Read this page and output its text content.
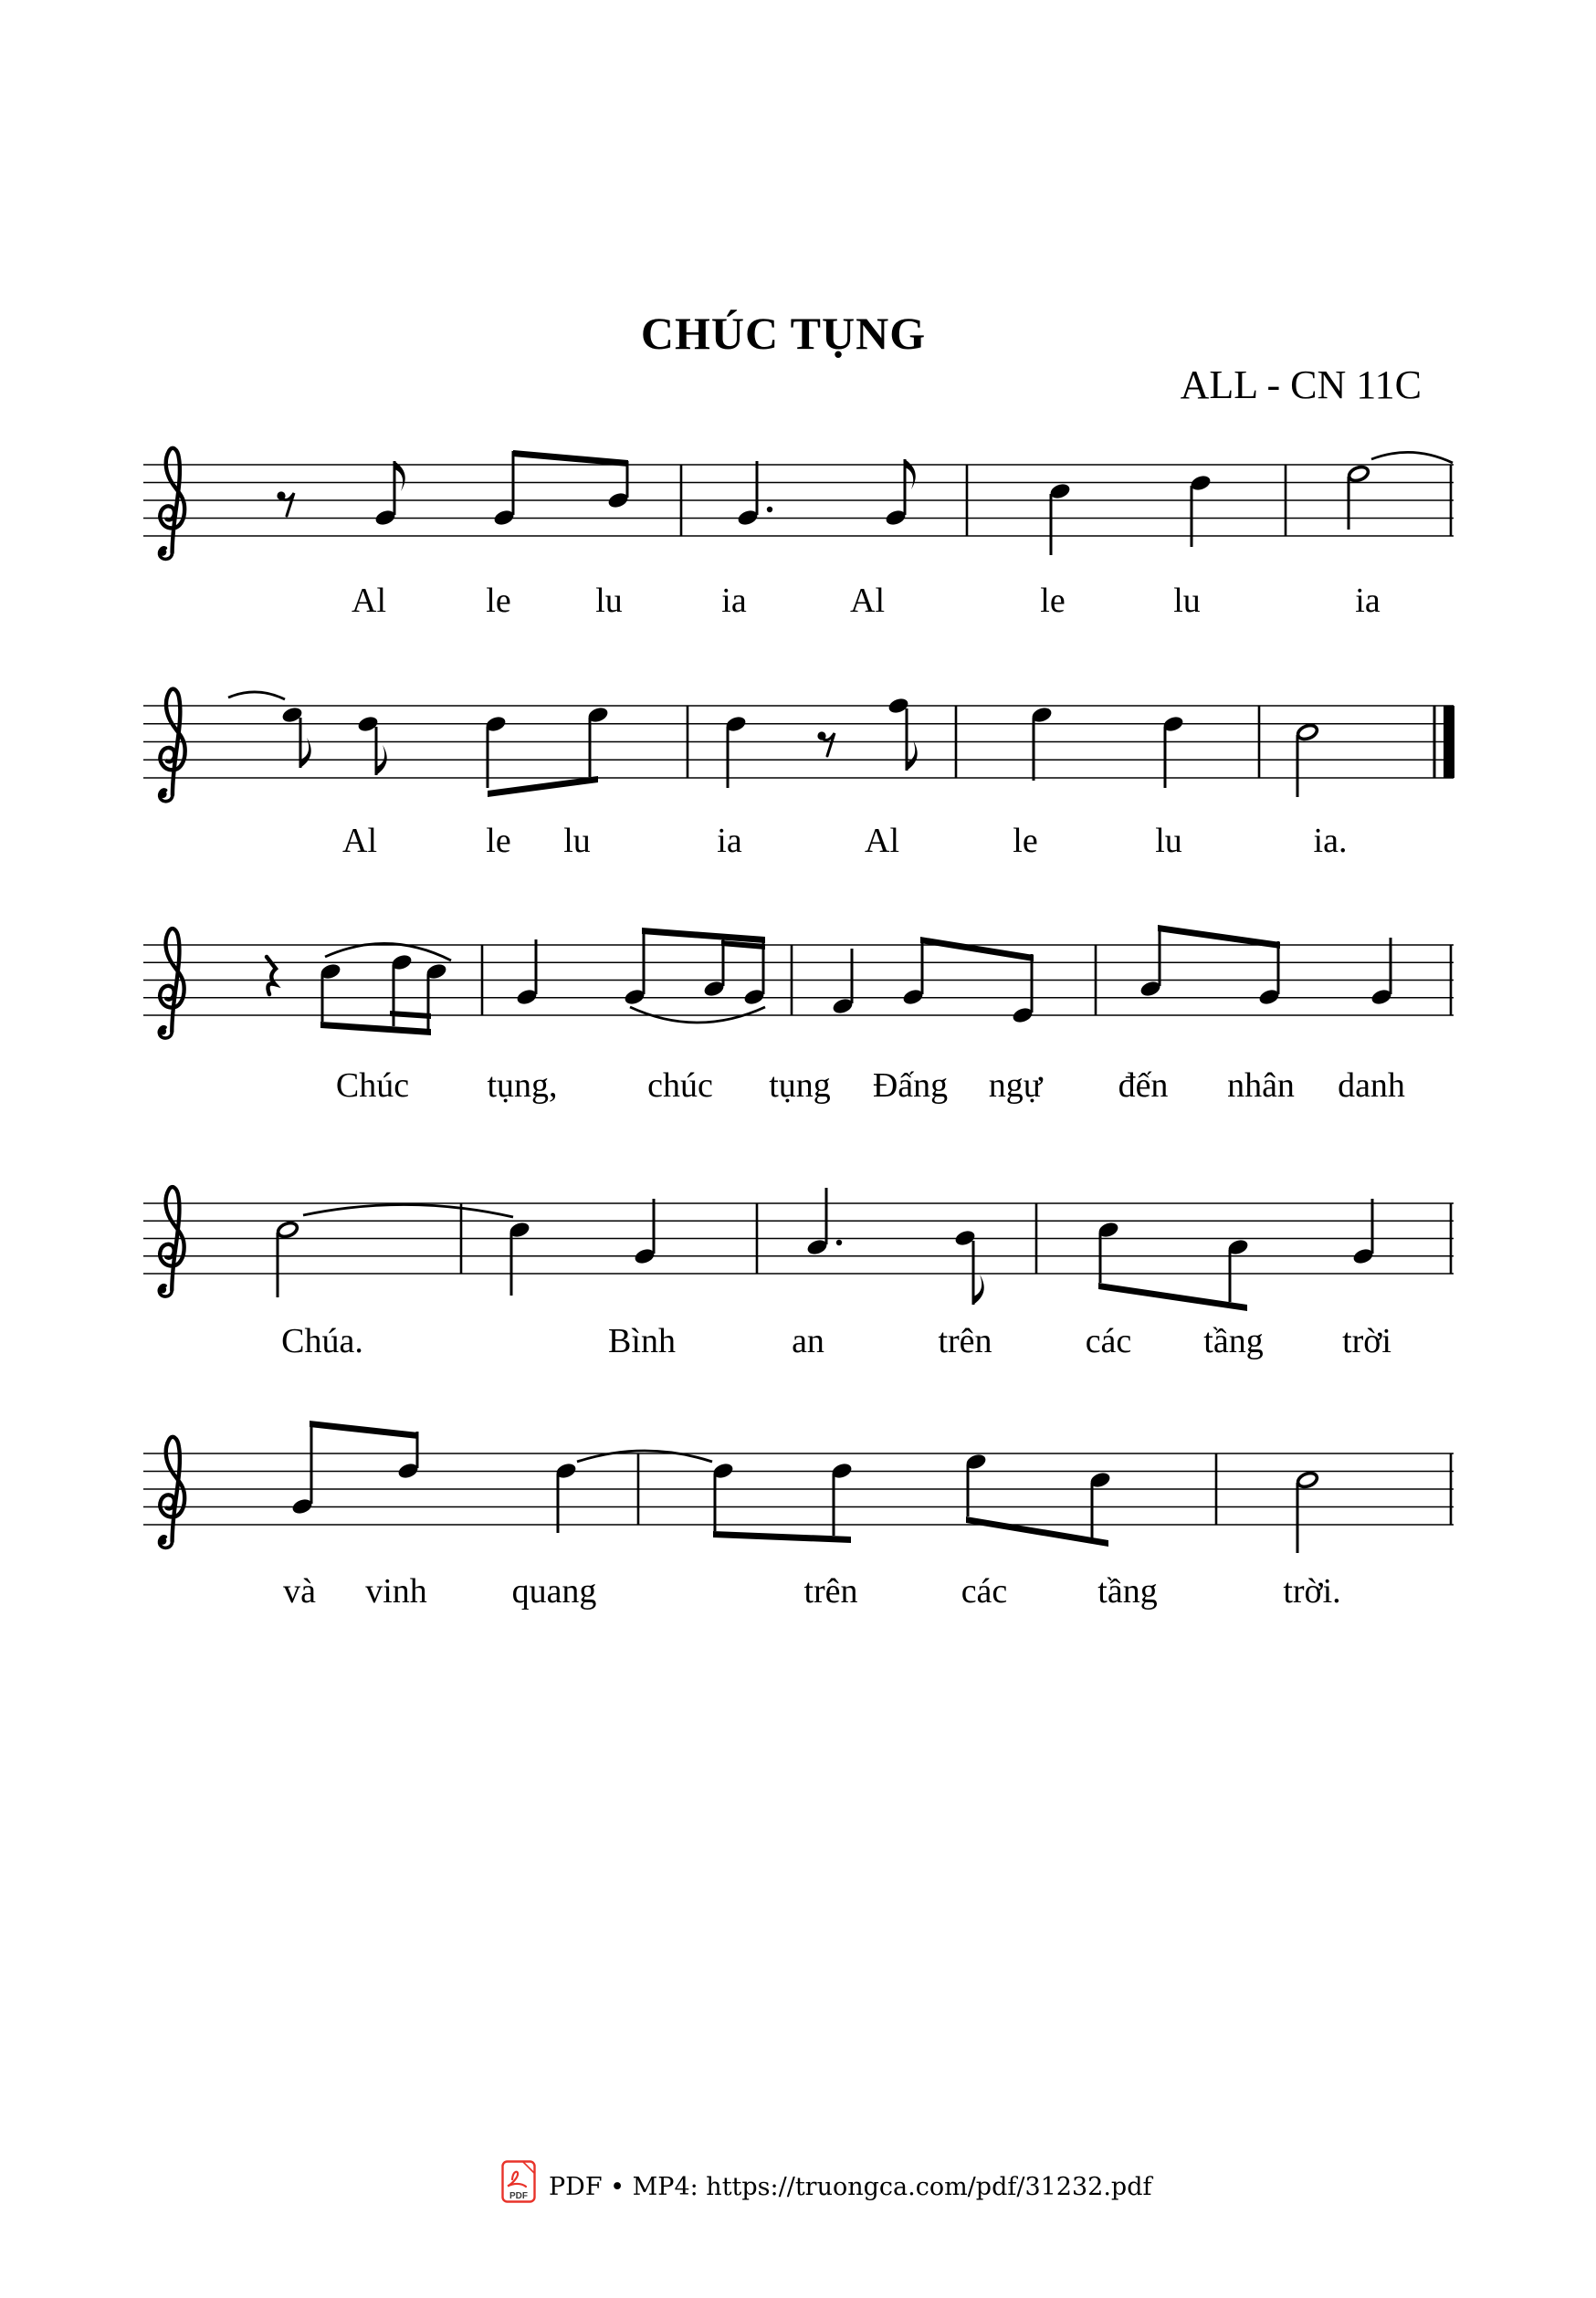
CHÚC TỤNG
ALL - CN 11C
Al	le lu	ia	Al	le	lu	ia
Al	le lu	ia	Al	le	lu	ia.
Chúc tụng,	chúc tụng Đấng ngự đến nhân danh
Chúa.	Bình	an	trên	các tầng trời
và vinh quang	trên	các	tầng	trời.
PDF PDF • MP4: https://truongca.com/pdf/31232.pdf
